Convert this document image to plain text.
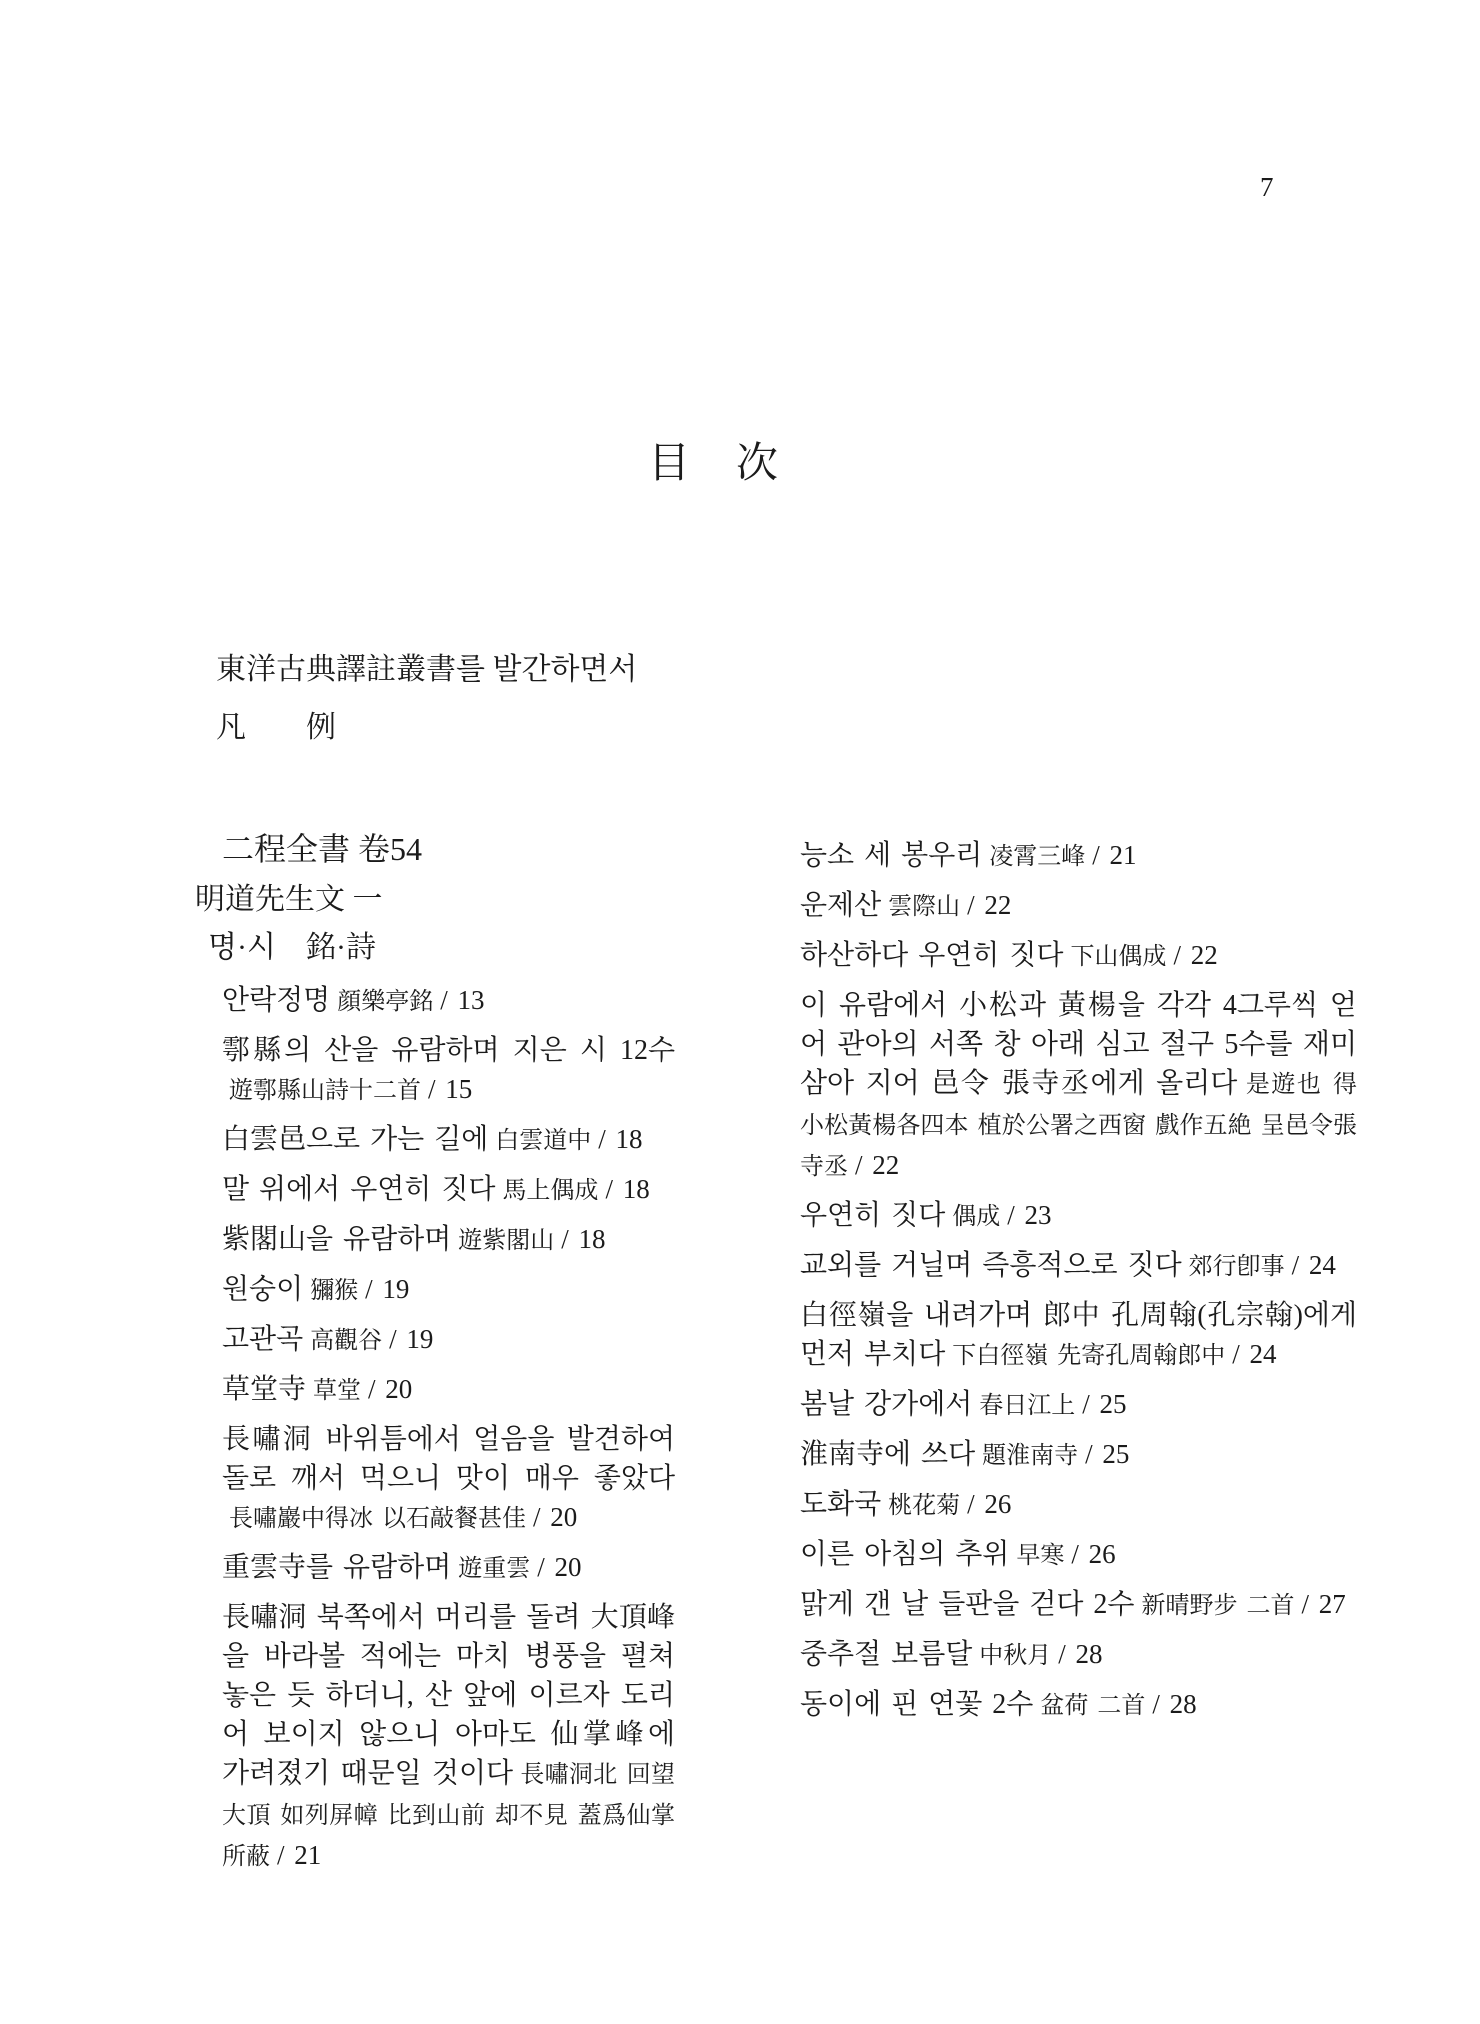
7
目　次
東洋古典譯註叢書를 발간하면서
凡　　例
二程全書 卷54
明道先生文 一
명·시　銘·詩
안락정명 顔樂亭銘 / 13
鄠縣의 산을 유람하며 지은 시 12수遊鄠縣山詩十二首 / 15
白雲邑으로 가는 길에 白雲道中 / 18
말 위에서 우연히 짓다 馬上偶成 / 18
紫閣山을 유람하며 遊紫閣山 / 18
원숭이 獼猴 / 19
고관곡 高觀谷 / 19
草堂寺 草堂 / 20
長嘯洞 바위틈에서 얼음을 발견하여 돌로 깨서 먹으니 맛이 매우 좋았다長嘯巖中得冰 以石敲餐甚佳 / 20
重雲寺를 유람하며 遊重雲 / 20
長嘯洞 북쪽에서 머리를 돌려 大頂峰을 바라볼 적에는 마치 병풍을 펼쳐놓은 듯 하더니, 산 앞에 이르자 도리어 보이지 않으니 아마도 仙掌峰에 가려졌기 때문일 것이다 長嘯洞北 回望大頂 如列屏幛 比到山前 却不見 蓋爲仙掌所蔽 / 21
능소 세 봉우리 凌霄三峰 / 21
운제산 雲際山 / 22
하산하다 우연히 짓다 下山偶成 / 22
이 유람에서 小松과 黃楊을 각각 4그루씩 얻어 관아의 서쪽 창 아래 심고 절구 5수를 재미삼아 지어 邑令 張寺丞에게 올리다 是遊也 得小松黃楊各四本 植於公署之西窗 戲作五絶 呈邑令張寺丞 / 22
우연히 짓다 偶成 / 23
교외를 거닐며 즉흥적으로 짓다 郊行卽事 / 24
白徑嶺을 내려가며 郎中 孔周翰(孔宗翰)에게 먼저 부치다 下白徑嶺 先寄孔周翰郎中 / 24
봄날 강가에서 春日江上 / 25
淮南寺에 쓰다 題淮南寺 / 25
도화국 桃花菊 / 26
이른 아침의 추위 早寒 / 26
맑게 갠 날 들판을 걷다 2수 新晴野步 二首 / 27
중추절 보름달 中秋月 / 28
동이에 핀 연꽃 2수 盆荷 二首 / 28
